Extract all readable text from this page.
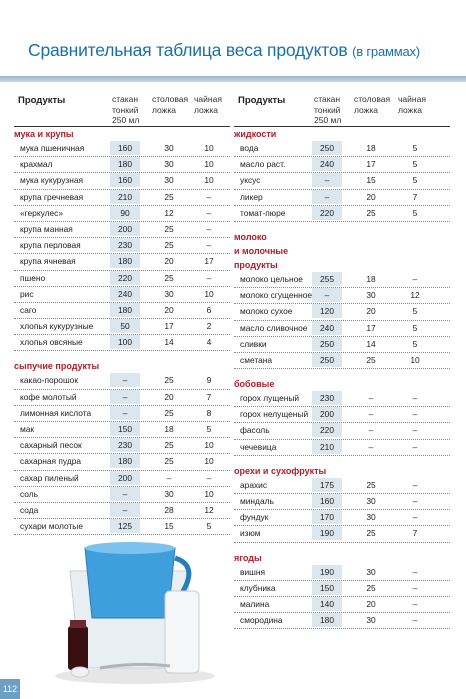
Сравнительная таблица веса продуктов (в граммах)
Продукты	стакан
тонкий
250 мл
столовая
ложка
чайная
ложка
мука и крупы
мука пшеничная	160	30	10
крахмал	180	30	10
мука кукурузная	160	30	10
крупа гречневая	210	25	–
«геркулес»	90	12	–
крупа манная	200	25	–
крупа перловая	230	25	–
крупа ячневая	180	20	17
пшено	220	25	–
рис	240	30	10
саго	180	20	6
хлопья кукурузные	50	17	2
хлопья овсяные	100	14	4
сыпучие продукты
какао-порошок	–	25	9
кофе молотый	–	20	7
лимонная кислота	–	25	8
мак	150	18	5
сахарный песок	230	25	10
сахарная пудра	180	25	10
сахар пиленый	200	–	–
соль	–	30	10
сода	–	28	12
сухари молотые	125	15	5
Продукты	стакан
тонкий
250 мл
столовая
ложка
чайная
ложка
жидкости
вода	250	18	5
масло раст.	240	17	5
уксус	–	15	5
ликер	–	20	7
томат-пюре	220	25	5
молоко
и молочные
продукты
молоко цельное	255	18	–
молоко сгущенное	–	30	12
молоко сухое	120	20	5
масло сливочное	240	17	5
сливки	250	14	5
сметана	250	25	10
бобовые
горох лущеный	230	–	–
горох нелущеный	200	–	–
фасоль	220	–	–
чечевица	210	–	–
орехи и сухофрукты
арахис	175	25	–
миндаль	160	30	–
фундук	170	30	–
изюм	190	25	7
ягоды
вишня	190	30	–
клубника	150	25	–
малина	140	20	–
смородина	180	30	–
112
